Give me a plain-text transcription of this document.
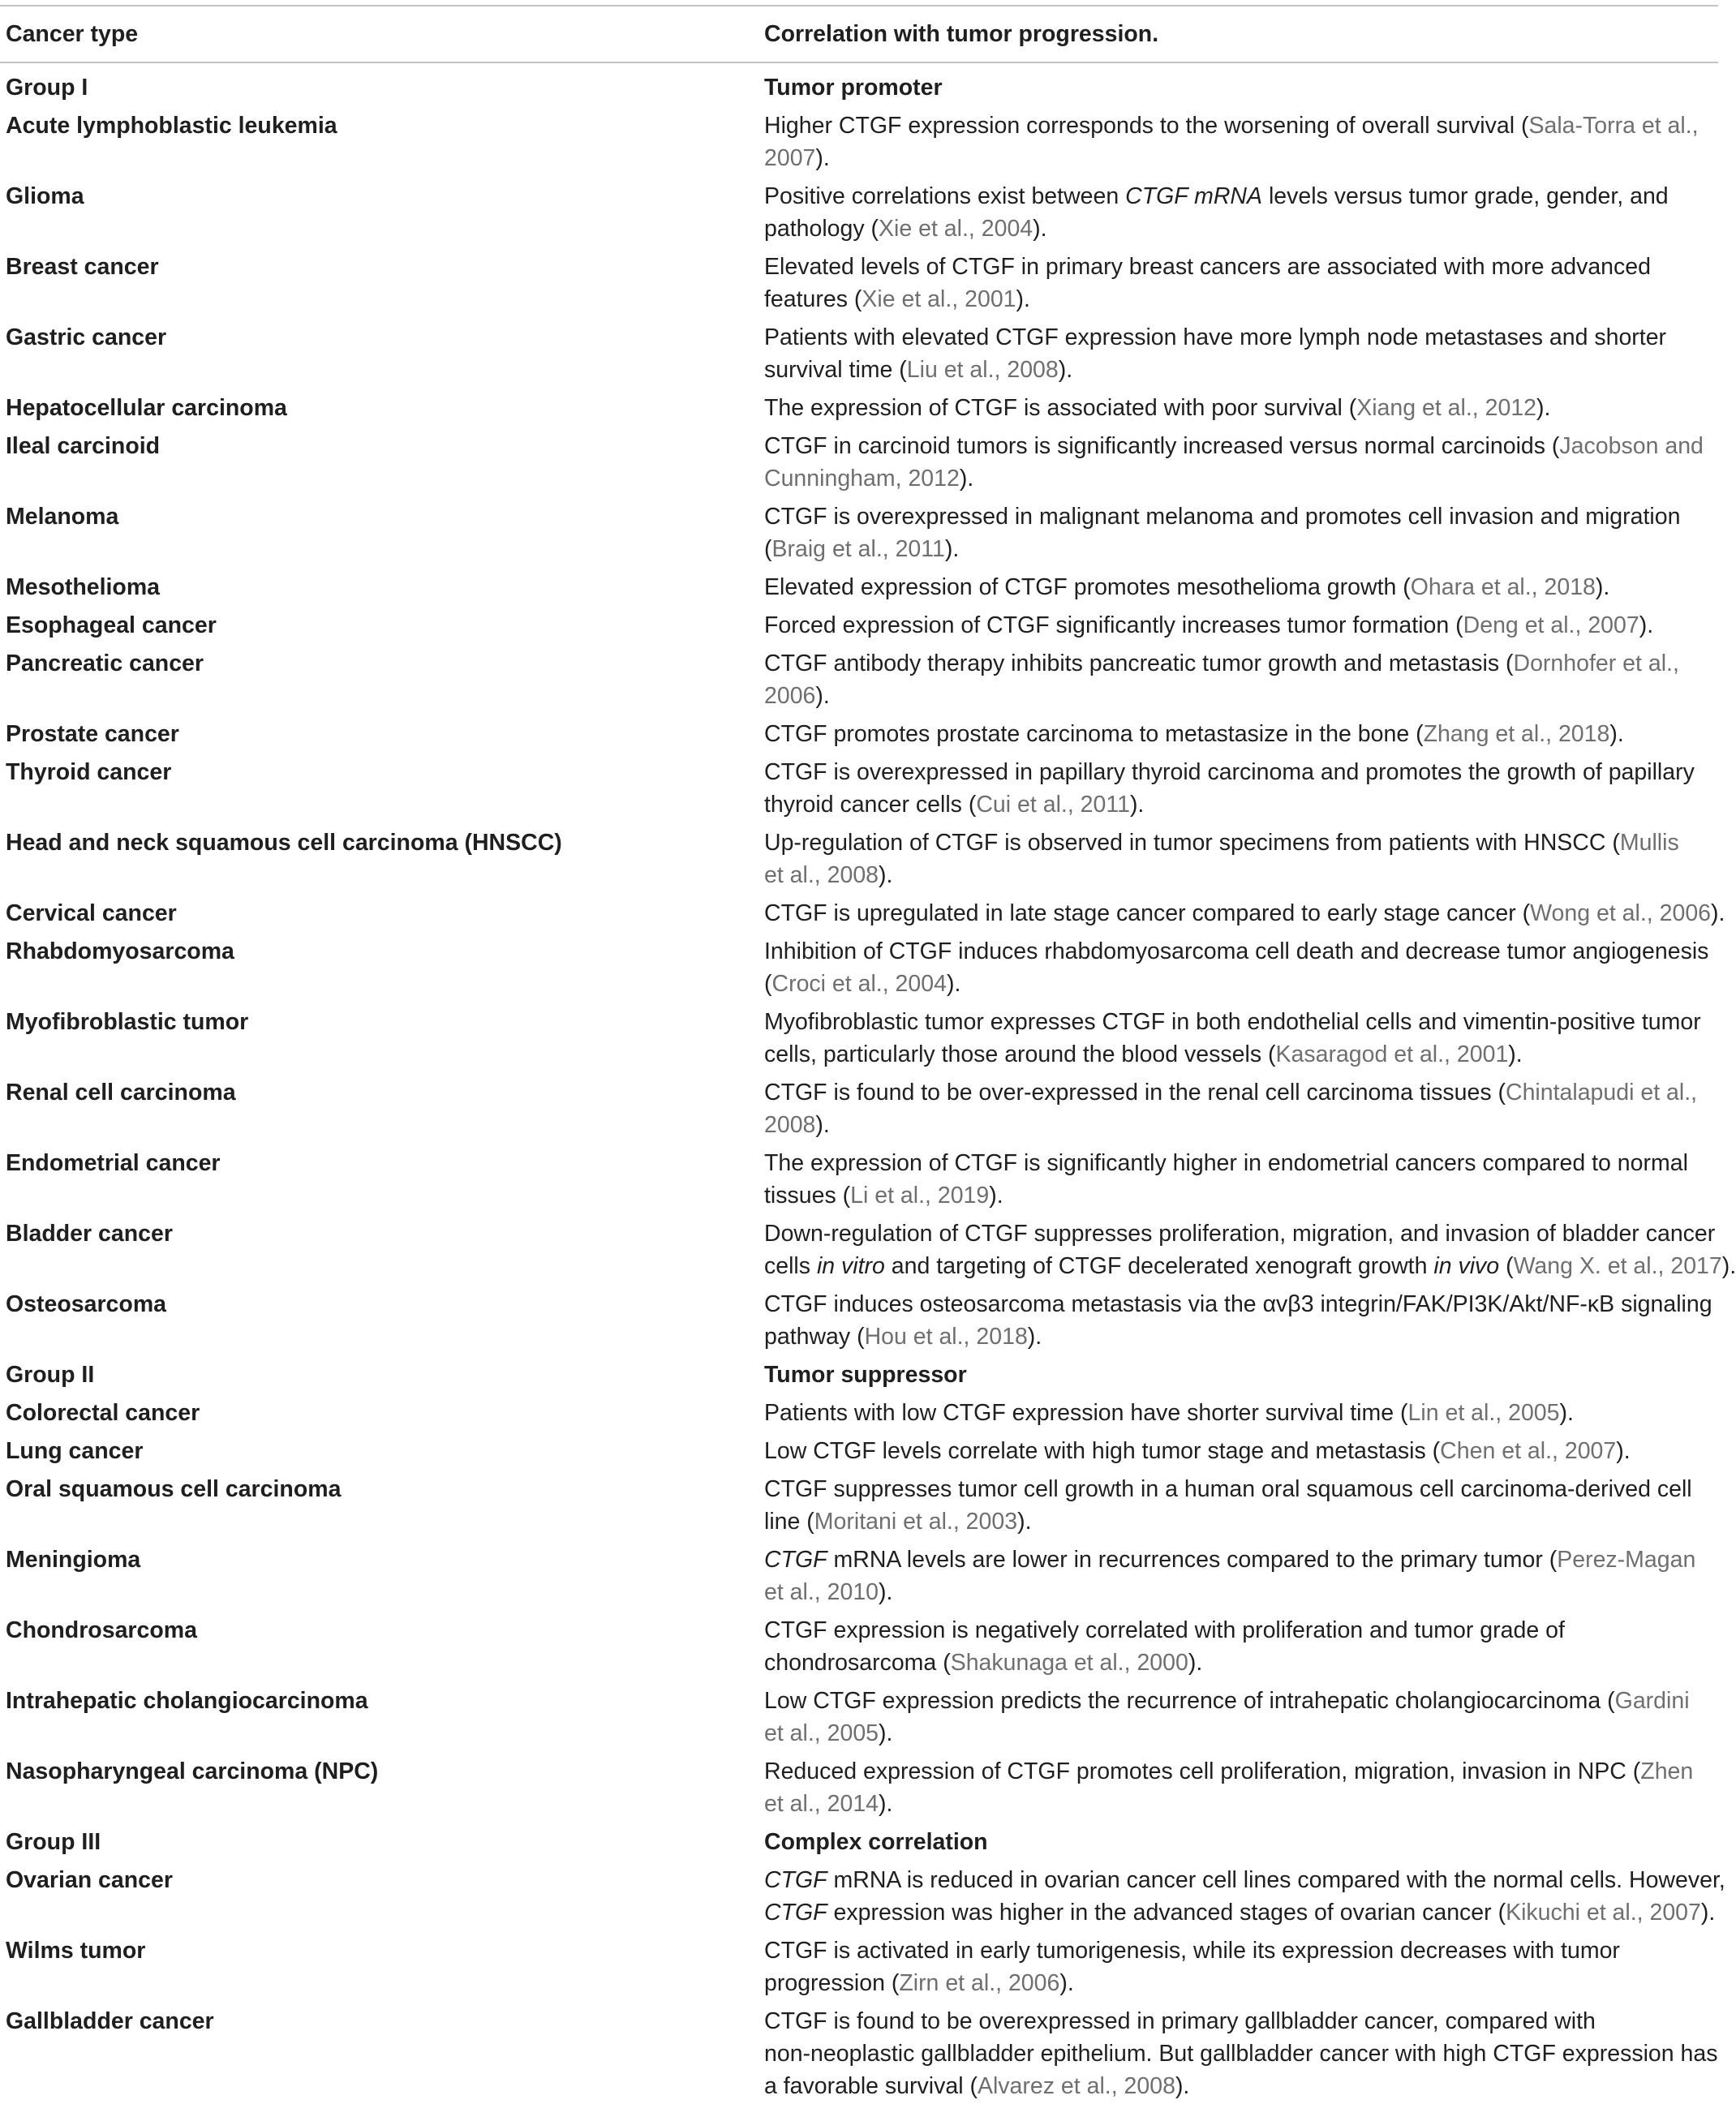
Cancer type	Correlation with tumor progression.
Group I	Tumor promoter
Acute lymphoblastic leukemia	Higher CTGF expression corresponds to the worsening of overall survival (Sala-Torra et al.,
2007).
Glioma	Positive correlations exist between CTGF mRNA levels versus tumor grade, gender, and
pathology (Xie et al., 2004).
Breast cancer	Elevated levels of CTGF in primary breast cancers are associated with more advanced
features (Xie et al., 2001).
Gastric cancer	Patients with elevated CTGF expression have more lymph node metastases and shorter
survival time (Liu et al., 2008).
Hepatocellular carcinoma	The expression of CTGF is associated with poor survival (Xiang et al., 2012).
Ileal carcinoid	CTGF in carcinoid tumors is significantly increased versus normal carcinoids (Jacobson and
Cunningham, 2012).
Melanoma	CTGF is overexpressed in malignant melanoma and promotes cell invasion and migration
(Braig et al., 2011).
Mesothelioma	Elevated expression of CTGF promotes mesothelioma growth (Ohara et al., 2018).
Esophageal cancer	Forced expression of CTGF significantly increases tumor formation (Deng et al., 2007).
Pancreatic cancer	CTGF antibody therapy inhibits pancreatic tumor growth and metastasis (Dornhofer et al.,
2006).
Prostate cancer	CTGF promotes prostate carcinoma to metastasize in the bone (Zhang et al., 2018).
Thyroid cancer	CTGF is overexpressed in papillary thyroid carcinoma and promotes the growth of papillary
thyroid cancer cells (Cui et al., 2011).
Head and neck squamous cell carcinoma (HNSCC)	Up-regulation of CTGF is observed in tumor specimens from patients with HNSCC (Mullis
et al., 2008).
Cervical cancer	CTGF is upregulated in late stage cancer compared to early stage cancer (Wong et al., 2006).
Rhabdomyosarcoma	Inhibition of CTGF induces rhabdomyosarcoma cell death and decrease tumor angiogenesis
(Croci et al., 2004).
Myofibroblastic tumor	Myofibroblastic tumor expresses CTGF in both endothelial cells and vimentin-positive tumor
cells, particularly those around the blood vessels (Kasaragod et al., 2001).
Renal cell carcinoma	CTGF is found to be over-expressed in the renal cell carcinoma tissues (Chintalapudi et al.,
2008).
Endometrial cancer	The expression of CTGF is significantly higher in endometrial cancers compared to normal
tissues (Li et al., 2019).
Bladder cancer	Down-regulation of CTGF suppresses proliferation, migration, and invasion of bladder cancer
cells in vitro and targeting of CTGF decelerated xenograft growth in vivo (Wang X. et al., 2017).
Osteosarcoma	CTGF induces osteosarcoma metastasis via the αvβ3 integrin/FAK/PI3K/Akt/NF-κB signaling
pathway (Hou et al., 2018).
Group II	Tumor suppressor
Colorectal cancer	Patients with low CTGF expression have shorter survival time (Lin et al., 2005).
Lung cancer	Low CTGF levels correlate with high tumor stage and metastasis (Chen et al., 2007).
Oral squamous cell carcinoma	CTGF suppresses tumor cell growth in a human oral squamous cell carcinoma-derived cell
line (Moritani et al., 2003).
Meningioma	CTGF mRNA levels are lower in recurrences compared to the primary tumor (Perez-Magan
et al., 2010).
Chondrosarcoma	CTGF expression is negatively correlated with proliferation and tumor grade of
chondrosarcoma (Shakunaga et al., 2000).
Intrahepatic cholangiocarcinoma	Low CTGF expression predicts the recurrence of intrahepatic cholangiocarcinoma (Gardini
et al., 2005).
Nasopharyngeal carcinoma (NPC)	Reduced expression of CTGF promotes cell proliferation, migration, invasion in NPC (Zhen
et al., 2014).
Group III	Complex correlation
Ovarian cancer	CTGF mRNA is reduced in ovarian cancer cell lines compared with the normal cells. However,
CTGF expression was higher in the advanced stages of ovarian cancer (Kikuchi et al., 2007).
Wilms tumor	CTGF is activated in early tumorigenesis, while its expression decreases with tumor
progression (Zirn et al., 2006).
Gallbladder cancer	CTGF is found to be overexpressed in primary gallbladder cancer, compared with
non-neoplastic gallbladder epithelium. But gallbladder cancer with high CTGF expression has
a favorable survival (Alvarez et al., 2008).
